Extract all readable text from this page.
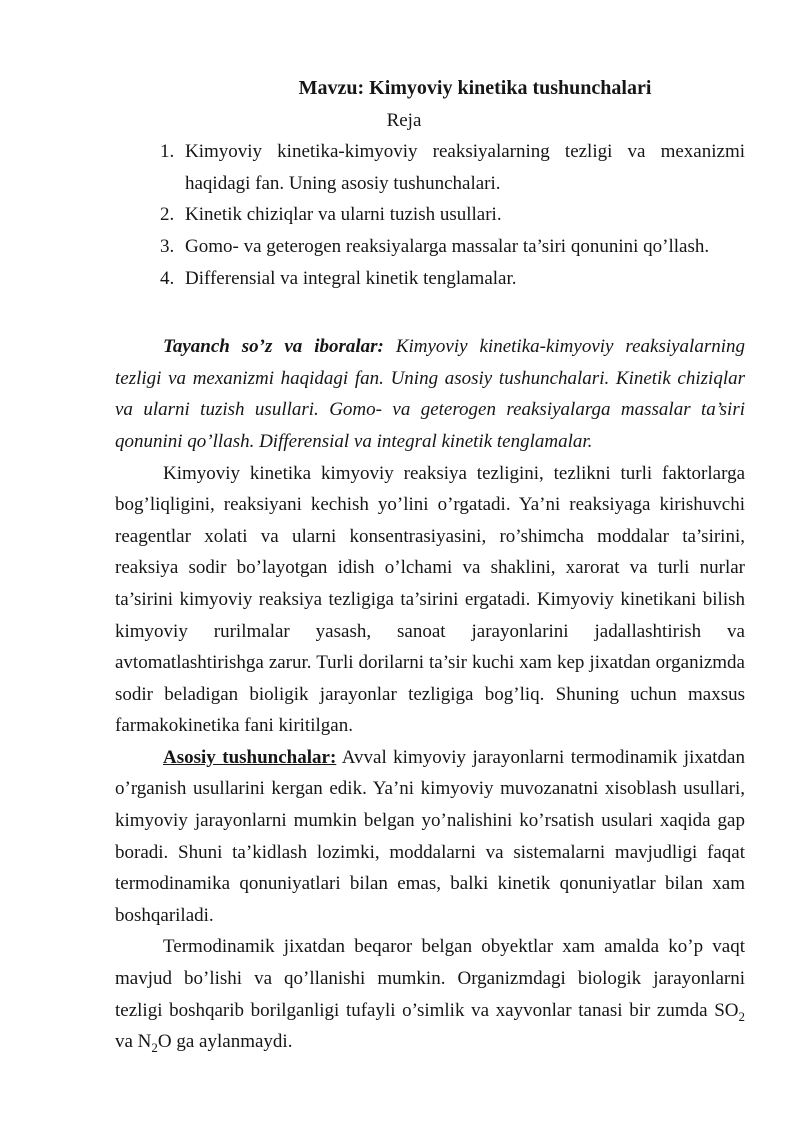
Mavzu: Kimyoviy kinetika tushunchalari
Reja
1. Kimyoviy kinetika-kimyoviy reaksiyalarning tezligi va mexanizmi haqidagi fan. Uning asosiy tushunchalari.
2. Kinetik chiziqlar va ularni tuzish usullari.
3. Gomo- va geterogen reaksiyalarga massalar ta’siri qonunini qo’llash.
4. Differensial va integral kinetik tenglamalar.

Tayanch so’z va iboralar: Kimyoviy kinetika-kimyoviy reaksiyalarning tezligi va mexanizmi haqidagi fan. Uning asosiy tushunchalari. Kinetik chiziqlar va ularni tuzish usullari. Gomo- va geterogen reaksiyalarga massalar ta’siri qonunini qo’llash. Differensial va integral kinetik tenglamalar.

Kimyoviy kinetika kimyoviy reaksiya tezligini, tezlikni turli faktorlarga bog’liqligini, reaksiyani kechish yo’lini o’rgatadi. Ya’ni reaksiyaga kirishuvchi reagentlar xolati va ularni konsentrasiyasini, ro’shimcha moddalar ta’sirini, reaksiya sodir bo’layotgan idish o’lchami va shaklini, xarorat va turli nurlar ta’sirini kimyoviy reaksiya tezligiga ta’sirini ergatadi. Kimyoviy kinetikani bilish kimyoviy rurilmalar yasash, sanoat jarayonlarini jadallashtirish va avtomatlashtirishga zarur. Turli dorilarni ta’sir kuchi xam kep jixatdan organizmda sodir beladigan bioligik jarayonlar tezligiga bog’liq. Shuning uchun maxsus farmakokinetika fani kiritilgan.

Asosiy tushunchalar: Avval kimyoviy jarayonlarni termodinamik jixatdan o’rganish usullarini kergan edik. Ya’ni kimyoviy muvozanatni xisoblash usullari, kimyoviy jarayonlarni mumkin belgan yo’nalishini ko’rsatish usulari xaqida gap boradi. Shuni ta’kidlash lozimki, moddalarni va sistemalarni mavjudligi faqat termodinamika qonuniyatlari bilan emas, balki kinetik qonuniyatlar bilan xam boshqariladi.

Termodinamik jixatdan beqaror belgan obyektlar xam amalda ko’p vaqt mavjud bo’lishi va qo’llanishi mumkin. Organizmdagi biologik jarayonlarni tezligi boshqarib borilganligi tufayli o’simlik va xayvonlar tanasi bir zumda $SO_2$ va $N_2O$ ga aylanmaydi.
